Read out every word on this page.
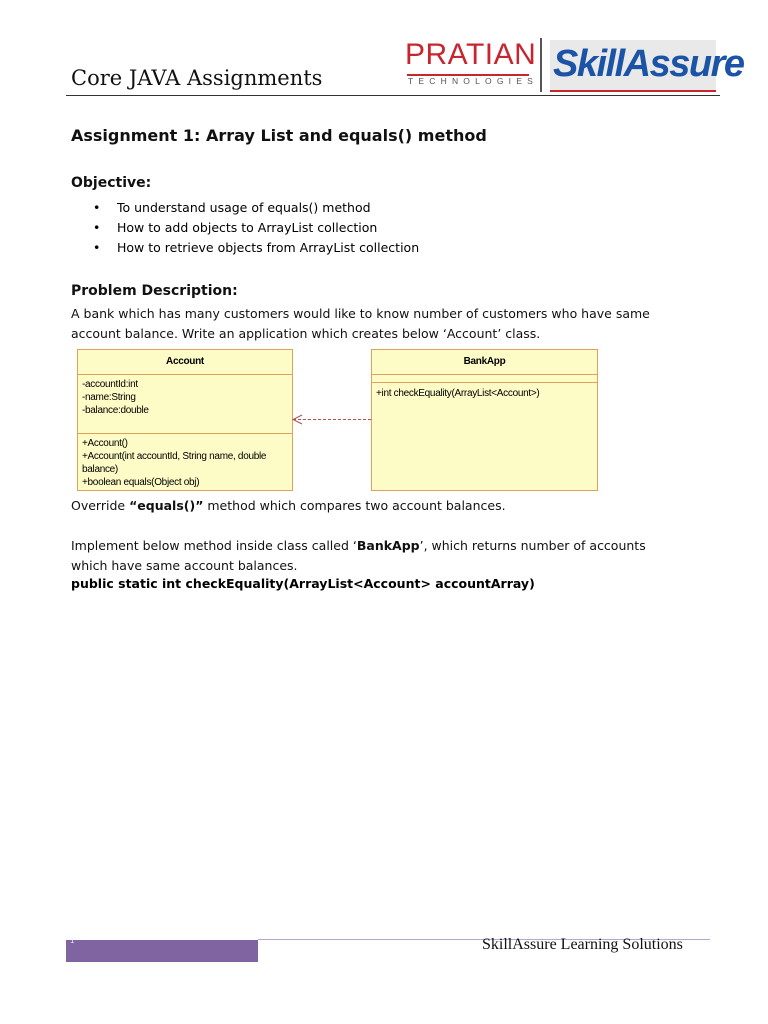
Core JAVA Assignments
PRATIAN
TECHNOLOGIES SkillAssure
Assignment 1: Array List and equals() method
Objective:
• To understand usage of equals() method
• How to add objects to ArrayList collection
• How to retrieve objects from ArrayList collection
Problem Description:
A bank which has many customers would like to know number of customers who have same
account balance. Write an application which creates below ‘Account’ class.
Account
-accountId:int
-name:String
-balance:double
+Account()
+Account(int accountId, String name, double balance)
+boolean equals(Object obj)
BankApp
+int checkEquality(ArrayList<Account>)
Override “equals()” method which compares two account balances.
Implement below method inside class called ‘BankApp’, which returns number of accounts
which have same account balances.
public static int checkEquality(ArrayList<Account> accountArray)
1	SkillAssure Learning Solutions
